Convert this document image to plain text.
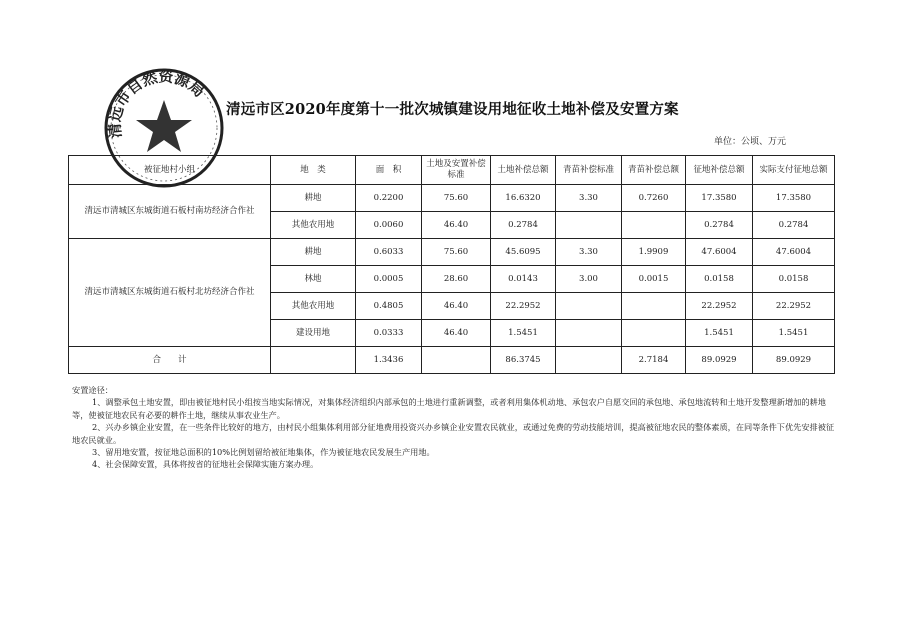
清远市自然资源局
清远市区2020年度第十一批次城镇建设用地征收土地补偿及安置方案
单位：公顷、万元
被征地村小组	地　类	面　积	土地及安置补偿标准	土地补偿总额	青苗补偿标准	青苗补偿总额	征地补偿总额	实际支付征地总额
清远市清城区东城街道石板村南坊经济合作社	耕地	0.2200	75.60	16.6320	3.30	0.7260	17.3580	17.3580
	其他农用地	0.0060	46.40	0.2784			0.2784	0.2784
清远市清城区东城街道石板村北坊经济合作社	耕地	0.6033	75.60	45.6095	3.30	1.9909	47.6004	47.6004
	林地	0.0005	28.60	0.0143	3.00	0.0015	0.0158	0.0158
	其他农用地	0.4805	46.40	22.2952			22.2952	22.2952
	建设用地	0.0333	46.40	1.5451			1.5451	1.5451
合　　计		1.3436		86.3745		2.7184	89.0929	89.0929

安置途径：

1、调整承包土地安置，即由被征地村民小组按当地实际情况，对集体经济组织内部承包的土地进行重新调整，或者利用集体机动地、承包农户自愿交回的承包地、承包地流转和土地开发整理新增加的耕地等，使被征地农民有必要的耕作土地，继续从事农业生产。

2、兴办乡镇企业安置，在一些条件比较好的地方，由村民小组集体利用部分征地费用投资兴办乡镇企业安置农民就业，或通过免费的劳动技能培训，提高被征地农民的整体素质，在同等条件下优先安排被征地农民就业。

3、留用地安置，按征地总面积的10%比例划留给被征地集体，作为被征地农民发展生产用地。

4、社会保障安置，具体将按省的征地社会保障实施方案办理。
